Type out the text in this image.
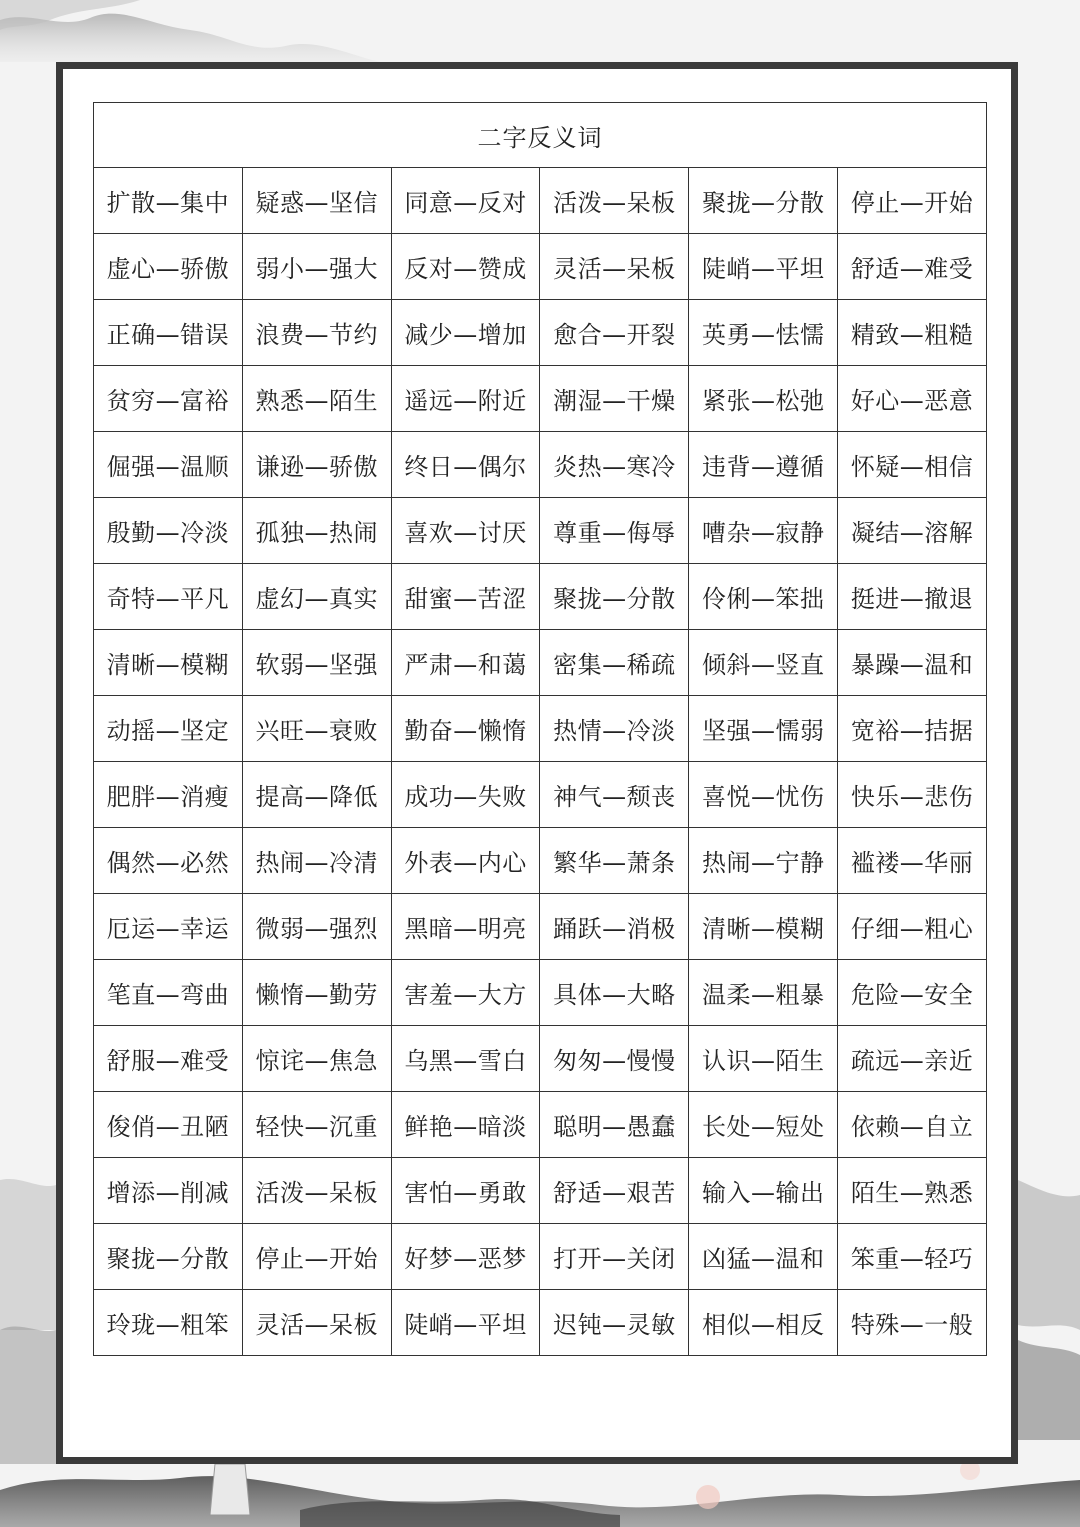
二字反义词					
扩散—集中	疑惑—坚信	同意—反对	活泼—呆板	聚拢—分散	停止—开始
虚心—骄傲	弱小—强大	反对—赞成	灵活—呆板	陡峭—平坦	舒适—难受
正确—错误	浪费—节约	减少—增加	愈合—开裂	英勇—怯懦	精致—粗糙
贫穷—富裕	熟悉—陌生	遥远—附近	潮湿—干燥	紧张—松弛	好心—恶意
倔强—温顺	谦逊—骄傲	终日—偶尔	炎热—寒冷	违背—遵循	怀疑—相信
殷勤—冷淡	孤独—热闹	喜欢—讨厌	尊重—侮辱	嘈杂—寂静	凝结—溶解
奇特—平凡	虚幻—真实	甜蜜—苦涩	聚拢—分散	伶俐—笨拙	挺进—撤退
清晰—模糊	软弱—坚强	严肃—和蔼	密集—稀疏	倾斜—竖直	暴躁—温和
动摇—坚定	兴旺—衰败	勤奋—懒惰	热情—冷淡	坚强—懦弱	宽裕—拮据
肥胖—消瘦	提高—降低	成功—失败	神气—颓丧	喜悦—忧伤	快乐—悲伤
偶然—必然	热闹—冷清	外表—内心	繁华—萧条	热闹—宁静	褴褛—华丽
厄运—幸运	微弱—强烈	黑暗—明亮	踊跃—消极	清晰—模糊	仔细—粗心
笔直—弯曲	懒惰—勤劳	害羞—大方	具体—大略	温柔—粗暴	危险—安全
舒服—难受	惊诧—焦急	乌黑—雪白	匆匆—慢慢	认识—陌生	疏远—亲近
俊俏—丑陋	轻快—沉重	鲜艳—暗淡	聪明—愚蠢	长处—短处	依赖—自立
增添—削减	活泼—呆板	害怕—勇敢	舒适—艰苦	输入—输出	陌生—熟悉
聚拢—分散	停止—开始	好梦—恶梦	打开—关闭	凶猛—温和	笨重—轻巧
玲珑—粗笨	灵活—呆板	陡峭—平坦	迟钝—灵敏	相似—相反	特殊—一般
